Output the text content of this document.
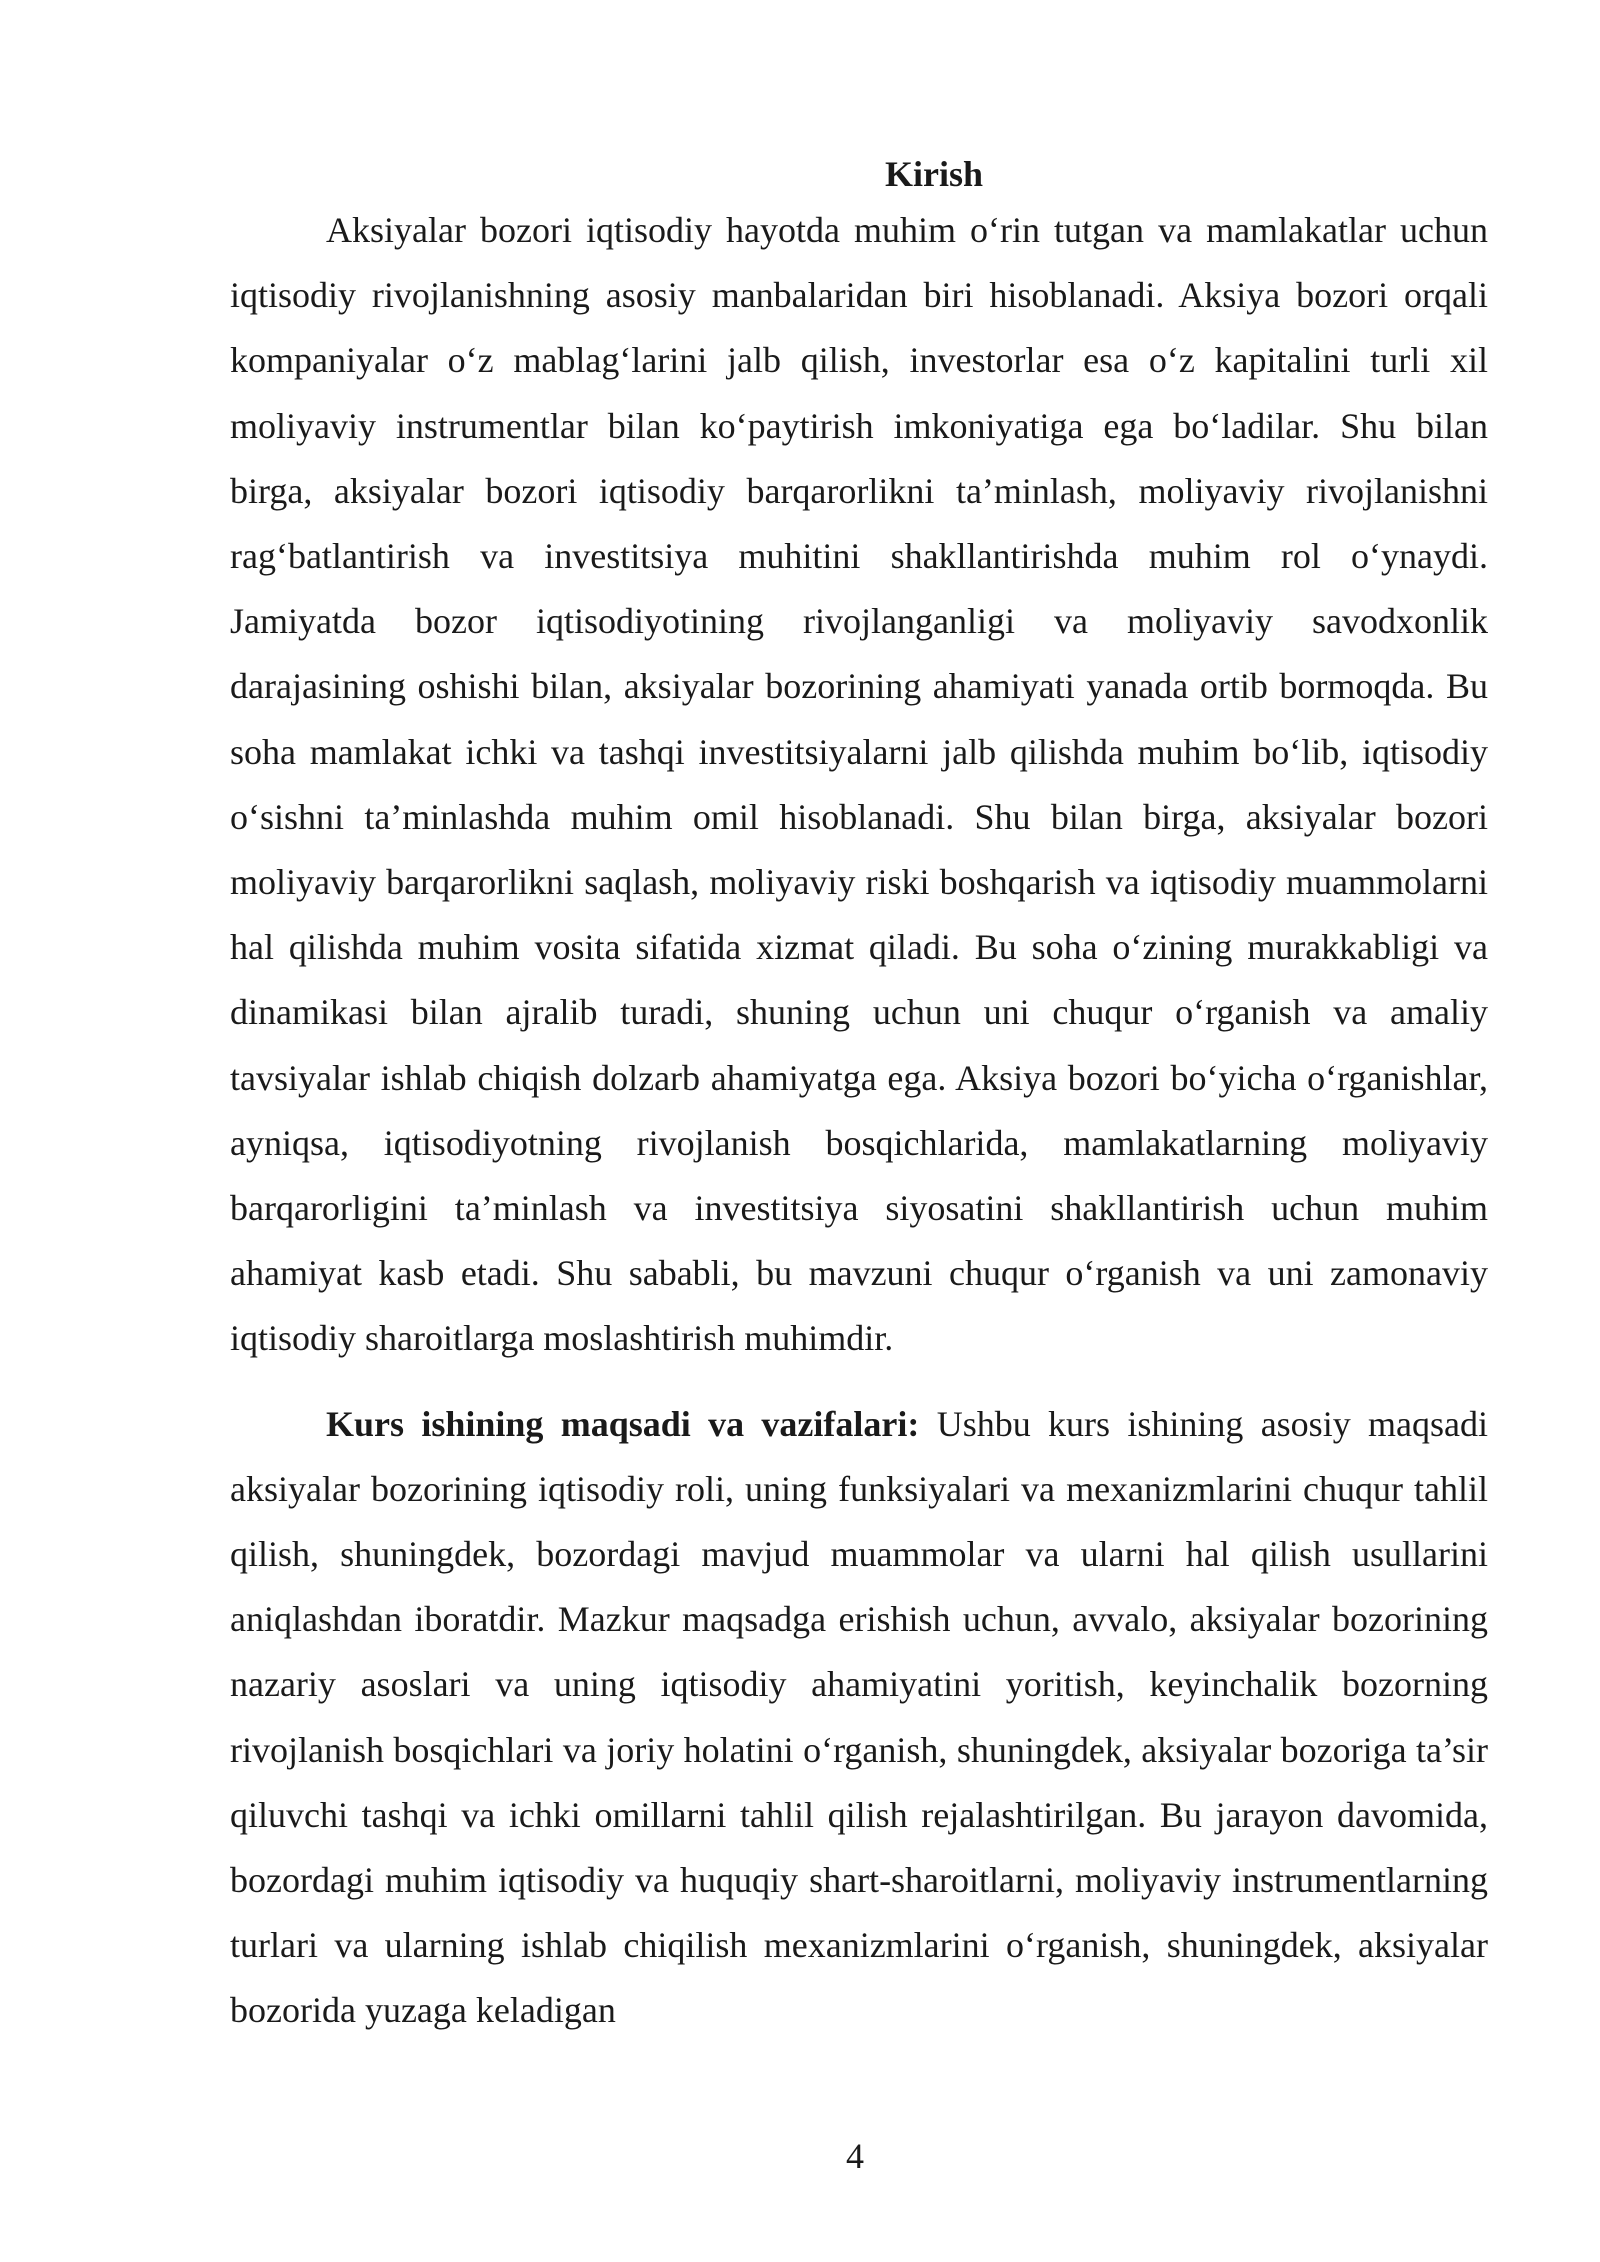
Kirish

Aksiyalar bozori iqtisodiy hayotda muhim o‘rin tutgan va mamlakatlar uchun iqtisodiy rivojlanishning asosiy manbalaridan biri hisoblanadi. Aksiya bozori orqali kompaniyalar o‘z mablag‘larini jalb qilish, investorlar esa o‘z kapitalini turli xil moliyaviy instrumentlar bilan ko‘paytirish imkoniyatiga ega bo‘ladilar. Shu bilan birga, aksiyalar bozori iqtisodiy barqarorlikni ta’minlash, moliyaviy rivojlanishni rag‘batlantirish va investitsiya muhitini shakllantirishda muhim rol o‘ynaydi. Jamiyatda bozor iqtisodiyotining rivojlanganligi va moliyaviy savodxonlik darajasining oshishi bilan, aksiyalar bozorining ahamiyati yanada ortib bormoqda. Bu soha mamlakat ichki va tashqi investitsiyalarni jalb qilishda muhim bo‘lib, iqtisodiy o‘sishni ta’minlashda muhim omil hisoblanadi. Shu bilan birga, aksiyalar bozori moliyaviy barqarorlikni saqlash, moliyaviy riski boshqarish va iqtisodiy muammolarni hal qilishda muhim vosita sifatida xizmat qiladi. Bu soha o‘zining murakkabligi va dinamikasi bilan ajralib turadi, shuning uchun uni chuqur o‘rganish va amaliy tavsiyalar ishlab chiqish dolzarb ahamiyatga ega. Aksiya bozori bo‘yicha o‘rganishlar, ayniqsa, iqtisodiyotning rivojlanish bosqichlarida, mamlakatlarning moliyaviy barqarorligini ta’minlash va investitsiya siyosatini shakllantirish uchun muhim ahamiyat kasb etadi. Shu sababli, bu mavzuni chuqur o‘rganish va uni zamonaviy iqtisodiy sharoitlarga moslashtirish muhimdir.

Kurs ishining maqsadi va vazifalari: Ushbu kurs ishining asosiy maqsadi aksiyalar bozorining iqtisodiy roli, uning funksiyalari va mexanizmlarini chuqur tahlil qilish, shuningdek, bozordagi mavjud muammolar va ularni hal qilish usullarini aniqlashdan iboratdir. Mazkur maqsadga erishish uchun, avvalo, aksiyalar bozorining nazariy asoslari va uning iqtisodiy ahamiyatini yoritish, keyinchalik bozorning rivojlanish bosqichlari va joriy holatini o‘rganish, shuningdek, aksiyalar bozoriga ta’sir qiluvchi tashqi va ichki omillarni tahlil qilish rejalashtirilgan. Bu jarayon davomida, bozordagi muhim iqtisodiy va huquqiy shart-sharoitlarni, moliyaviy instrumentlarning turlari va ularning ishlab chiqilish mexanizmlarini o‘rganish, shuningdek, aksiyalar bozorida yuzaga keladigan

4
